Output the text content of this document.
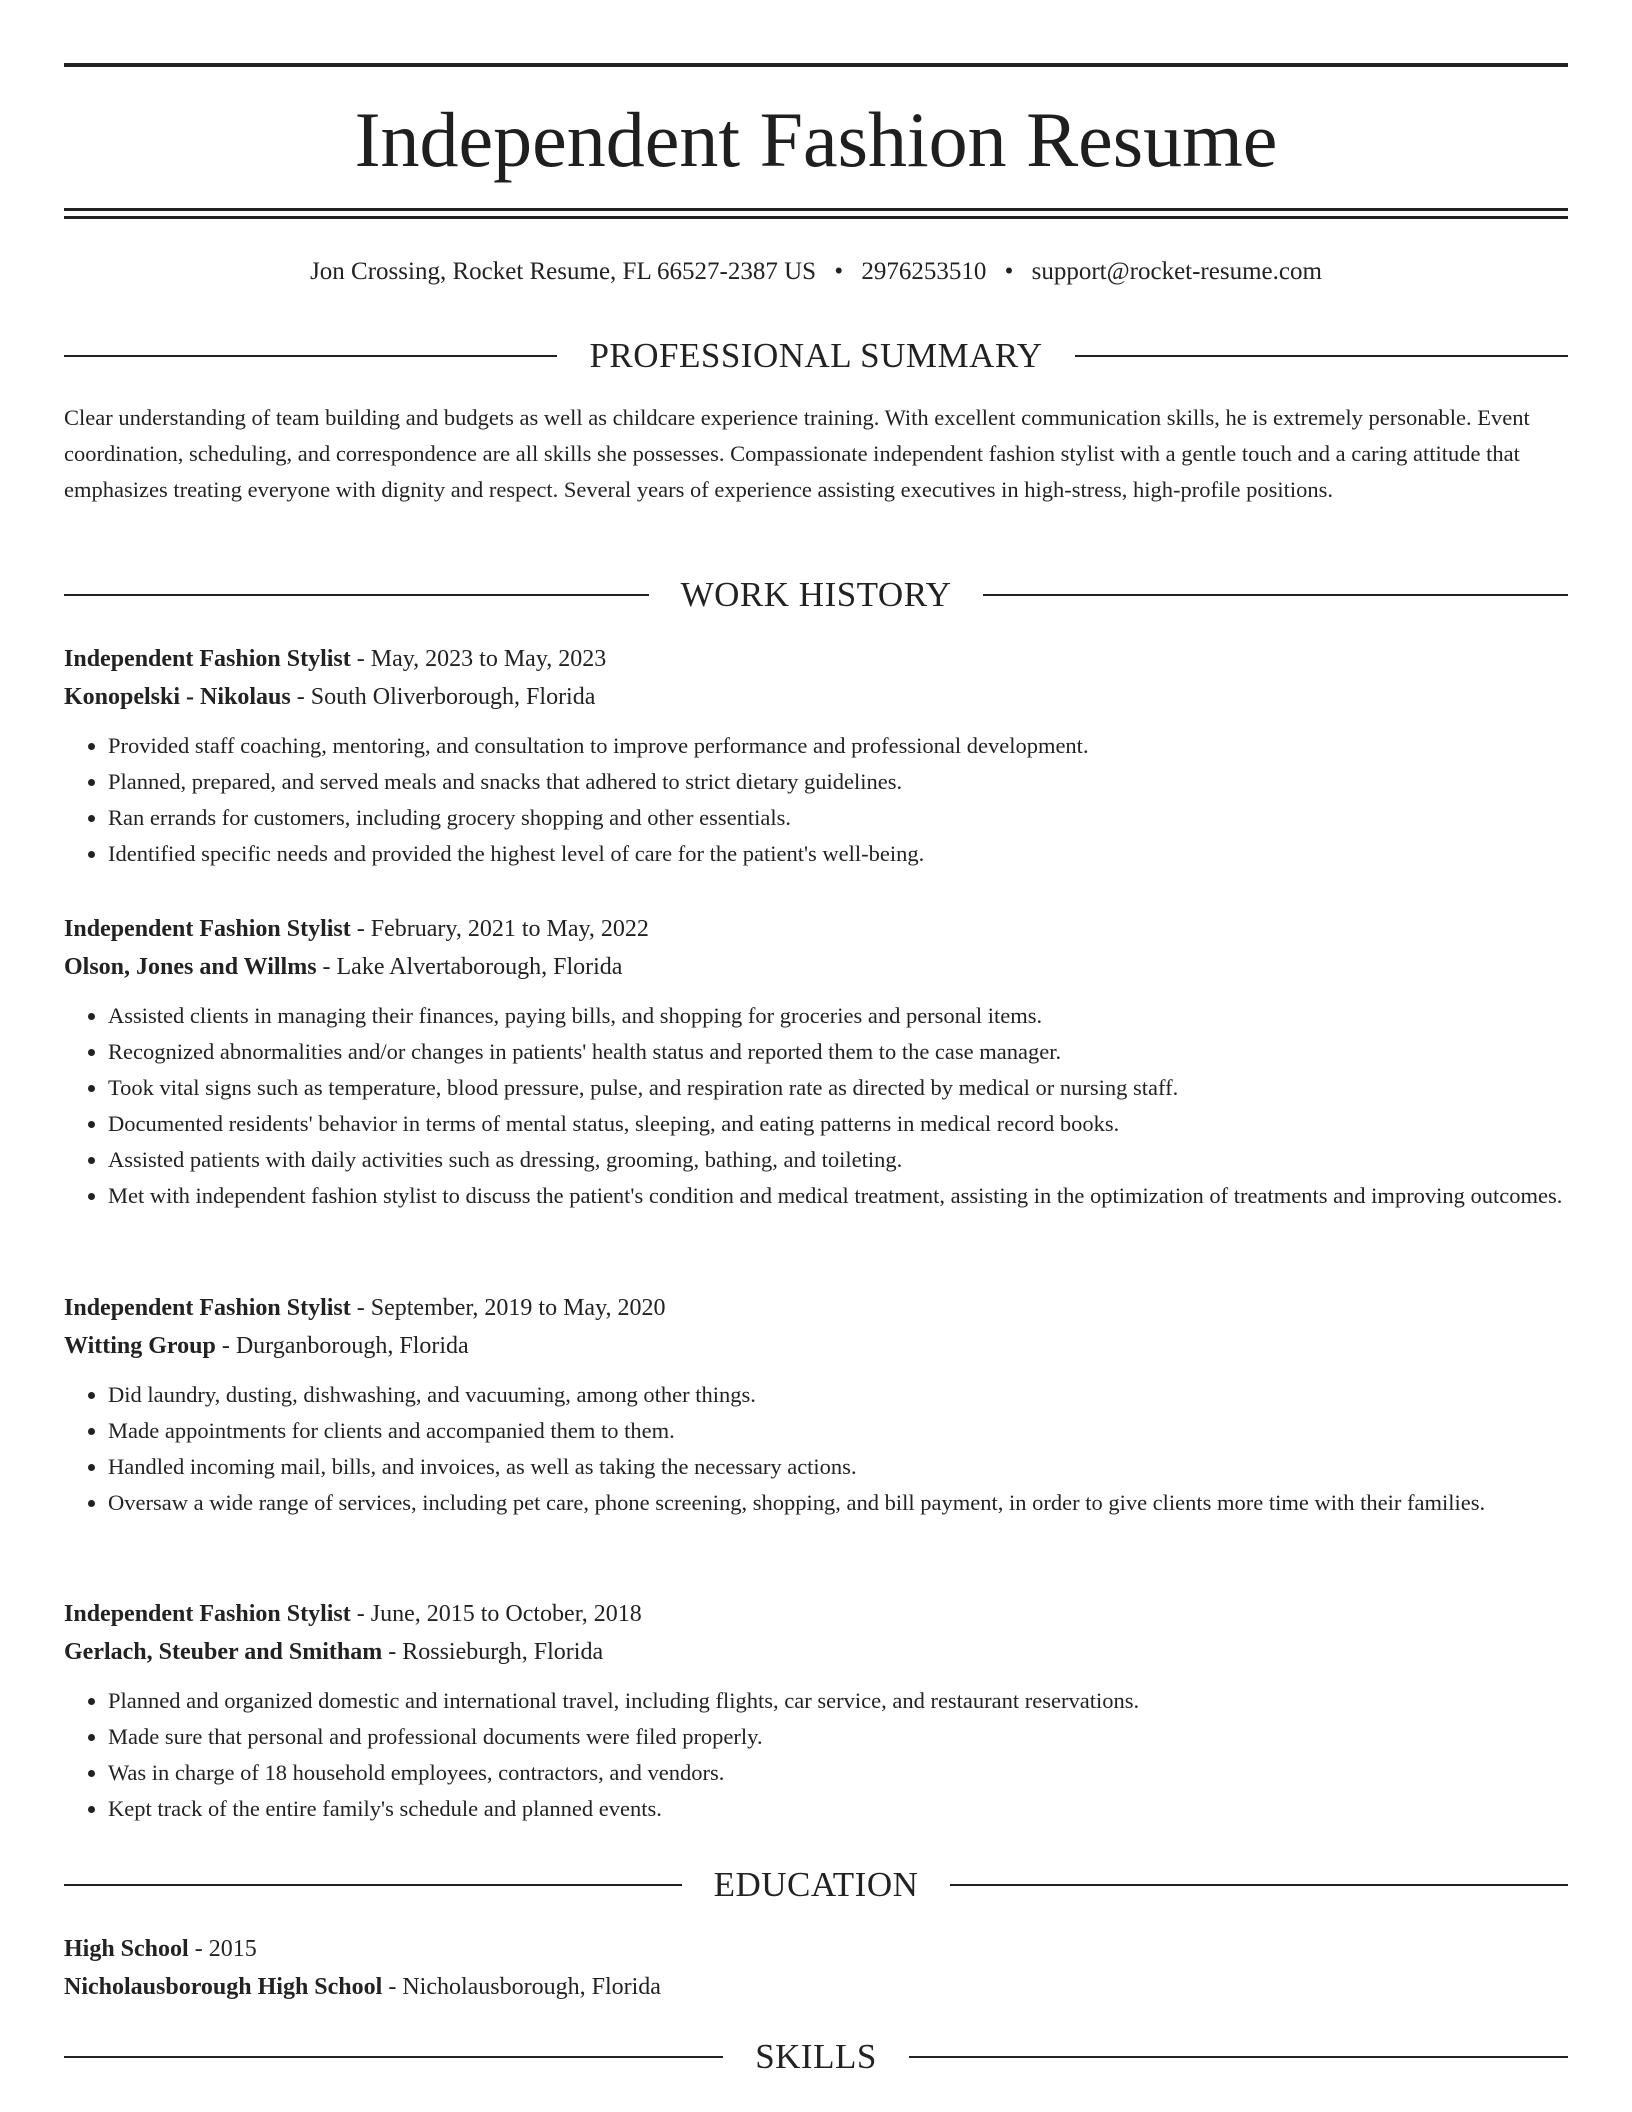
Independent Fashion Resume
Jon Crossing, Rocket Resume, FL 66527-2387 US • 2976253510 • support@rocket-resume.com
PROFESSIONAL SUMMARY
Clear understanding of team building and budgets as well as childcare experience training. With excellent communication skills, he is extremely personable. Event coordination, scheduling, and correspondence are all skills she possesses. Compassionate independent fashion stylist with a gentle touch and a caring attitude that emphasizes treating everyone with dignity and respect. Several years of experience assisting executives in high-stress, high-profile positions.
WORK HISTORY
Independent Fashion Stylist - May, 2023 to May, 2023
Konopelski - Nikolaus - South Oliverborough, Florida
• Provided staff coaching, mentoring, and consultation to improve performance and professional development.
• Planned, prepared, and served meals and snacks that adhered to strict dietary guidelines.
• Ran errands for customers, including grocery shopping and other essentials.
• Identified specific needs and provided the highest level of care for the patient's well-being.
Independent Fashion Stylist - February, 2021 to May, 2022
Olson, Jones and Willms - Lake Alvertaborough, Florida
• Assisted clients in managing their finances, paying bills, and shopping for groceries and personal items.
• Recognized abnormalities and/or changes in patients' health status and reported them to the case manager.
• Took vital signs such as temperature, blood pressure, pulse, and respiration rate as directed by medical or nursing staff.
• Documented residents' behavior in terms of mental status, sleeping, and eating patterns in medical record books.
• Assisted patients with daily activities such as dressing, grooming, bathing, and toileting.
• Met with independent fashion stylist to discuss the patient's condition and medical treatment, assisting in the optimization of treatments and improving outcomes.
Independent Fashion Stylist - September, 2019 to May, 2020
Witting Group - Durganborough, Florida
• Did laundry, dusting, dishwashing, and vacuuming, among other things.
• Made appointments for clients and accompanied them to them.
• Handled incoming mail, bills, and invoices, as well as taking the necessary actions.
• Oversaw a wide range of services, including pet care, phone screening, shopping, and bill payment, in order to give clients more time with their families.
Independent Fashion Stylist - June, 2015 to October, 2018
Gerlach, Steuber and Smitham - Rossieburgh, Florida
• Planned and organized domestic and international travel, including flights, car service, and restaurant reservations.
• Made sure that personal and professional documents were filed properly.
• Was in charge of 18 household employees, contractors, and vendors.
• Kept track of the entire family's schedule and planned events.
EDUCATION
High School - 2015
Nicholausborough High School - Nicholausborough, Florida
SKILLS
